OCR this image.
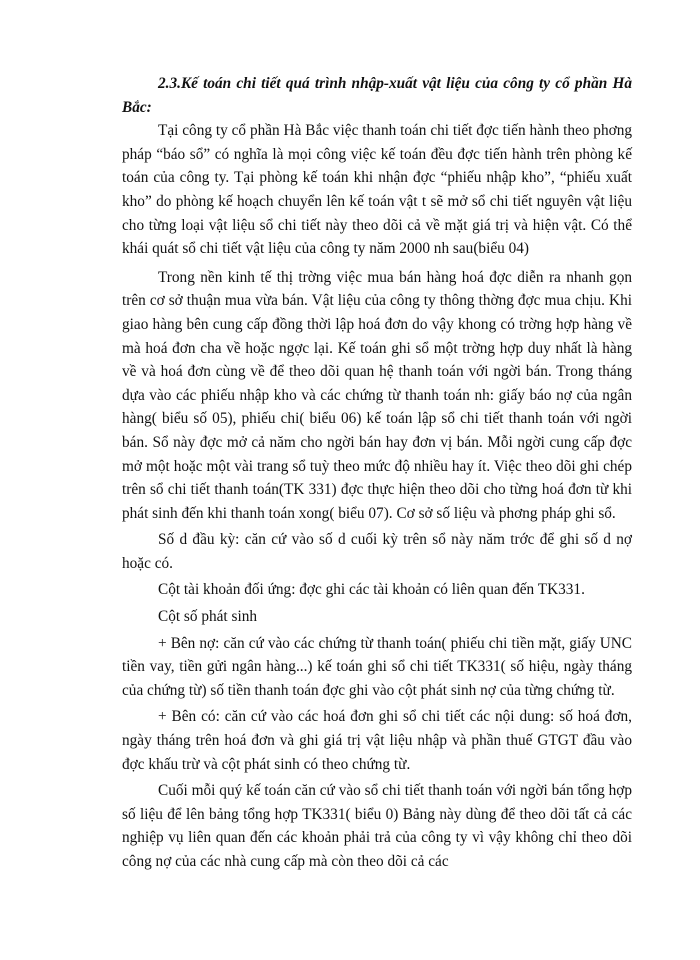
2.3.Kế toán chi tiết quá trình nhập-xuất vật liệu của công ty cổ phần Hà Bắc:

Tại công ty cổ phần Hà Bắc việc thanh toán chi tiết đợc tiến hành theo phơng pháp “báo sổ” có nghĩa là mọi công việc kế toán đều đợc tiến hành trên phòng kế toán của công ty. Tại phòng kế toán khi nhận đợc “phiếu nhập kho”, “phiếu xuất kho” do phòng kế hoạch chuyển lên kế toán vật t sẽ mở sổ chi tiết nguyên vật liệu cho từng loại vật liệu sổ chi tiết này theo dõi cả về mặt giá trị và hiện vật. Có thể khái quát sổ chi tiết vật liệu của công ty năm 2000 nh sau(biểu 04)

Trong nền kinh tế thị trờng việc mua bán hàng hoá đợc diễn ra nhanh gọn trên cơ sở thuận mua vừa bán. Vật liệu của công ty thông thờng đợc mua chịu. Khi giao hàng bên cung cấp đồng thời lập hoá đơn do vậy khong có trờng hợp hàng về mà hoá đơn cha về hoặc ngợc lại. Kế toán ghi sổ một trờng hợp duy nhất là hàng về và hoá đơn cùng về để theo dõi quan hệ thanh toán với ngời bán. Trong tháng dựa vào các phiếu nhập kho và các chứng từ thanh toán nh: giấy báo nợ của ngân hàng( biểu số 05), phiếu chi( biểu 06) kế toán lập sổ chi tiết thanh toán với ngời bán. Sổ này đợc mở cả năm cho ngời bán hay đơn vị bán. Mỗi ngời cung cấp đợc mở một hoặc một vài trang sổ tuỳ theo mức độ nhiều hay ít. Việc theo dõi ghi chép trên sổ chi tiết thanh toán(TK 331) đợc thực hiện theo dõi cho từng hoá đơn từ khi phát sinh đến khi thanh toán xong( biểu 07). Cơ sở số liệu và phơng pháp ghi sổ.

Số d đầu kỳ: căn cứ vào số d cuối kỳ trên sổ này năm trớc để ghi số d nợ hoặc có.

Cột tài khoản đối ứng: đợc ghi các tài khoản có liên quan đến TK331.

Cột số phát sinh

+ Bên nợ: căn cứ vào các chứng từ thanh toán( phiếu chi tiền mặt, giấy UNC tiền vay, tiền gửi ngân hàng...) kế toán ghi sổ chi tiết TK331( số hiệu, ngày tháng của chứng từ) số tiền thanh toán đợc ghi vào cột phát sinh nợ của từng chứng từ.

+ Bên có: căn cứ vào các hoá đơn ghi sổ chi tiết các nội dung: số hoá đơn, ngày tháng trên hoá đơn và ghi giá trị vật liệu nhập và phần thuế GTGT đầu vào đợc khấu trừ và cột phát sinh có theo chứng từ.

Cuối mỗi quý kế toán căn cứ vào sổ chi tiết thanh toán với ngời bán tổng hợp số liệu để lên bảng tổng hợp TK331( biểu 0) Bảng này dùng để theo dõi tất cả các nghiệp vụ liên quan đến các khoản phải trả của công ty vì vậy không chỉ theo dõi công nợ của các nhà cung cấp mà còn theo dõi cả các
